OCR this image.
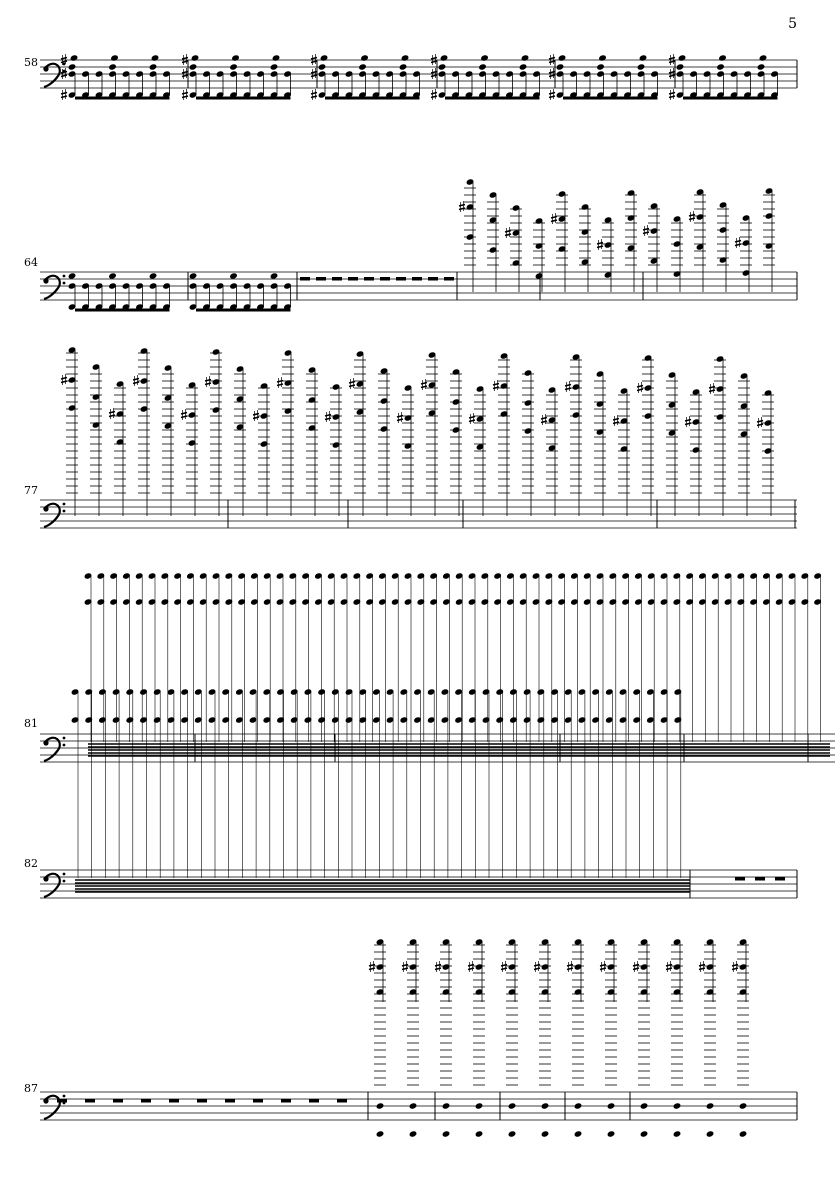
5
58
64
77
81
82
87
